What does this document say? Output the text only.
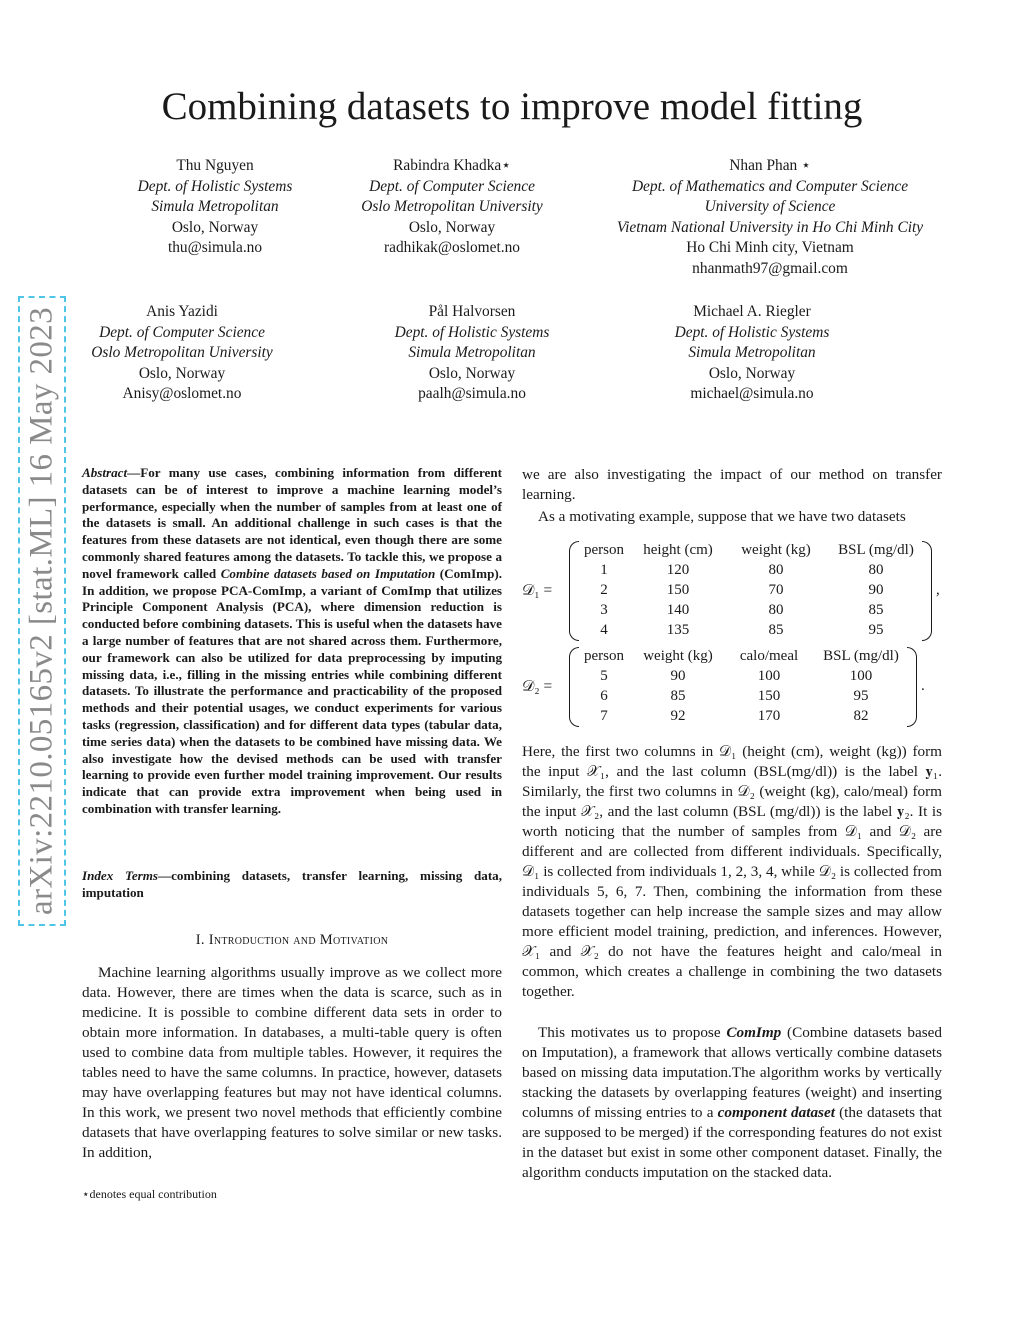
arXiv:2210.05165v2 [stat.ML] 16 May 2023
Combining datasets to improve model fitting
Thu Nguyen
Dept. of Holistic Systems
Simula Metropolitan
Oslo, Norway
thu@simula.no
Rabindra Khadka⋆
Dept. of Computer Science
Oslo Metropolitan University
Oslo, Norway
radhikak@oslomet.no
Nhan Phan ⋆
Dept. of Mathematics and Computer Science
University of Science
Vietnam National University in Ho Chi Minh City
Ho Chi Minh city, Vietnam
nhanmath97@gmail.com
Anis Yazidi
Dept. of Computer Science
Oslo Metropolitan University
Oslo, Norway
Anisy@oslomet.no
Pål Halvorsen
Dept. of Holistic Systems
Simula Metropolitan
Oslo, Norway
paalh@simula.no
Michael A. Riegler
Dept. of Holistic Systems
Simula Metropolitan
Oslo, Norway
michael@simula.no
Abstract—For many use cases, combining information from different datasets can be of interest to improve a machine learning model’s performance, especially when the number of samples from at least one of the datasets is small. An additional challenge in such cases is that the features from these datasets are not identical, even though there are some commonly shared features among the datasets. To tackle this, we propose a novel framework called Combine datasets based on Imputation (ComImp). In addition, we propose PCA-ComImp, a variant of ComImp that utilizes Principle Component Analysis (PCA), where dimension reduction is conducted before combining datasets. This is useful when the datasets have a large number of features that are not shared across them. Furthermore, our framework can also be utilized for data preprocessing by imputing missing data, i.e., filling in the missing entries while combining different datasets. To illustrate the performance and practicability of the proposed methods and their potential usages, we conduct experiments for various tasks (regression, classification) and for different data types (tabular data, time series data) when the datasets to be combined have missing data. We also investigate how the devised methods can be used with transfer learning to provide even further model training improvement. Our results indicate that can provide extra improvement when being used in combination with transfer learning.
Index Terms—combining datasets, transfer learning, missing data, imputation
I. Introduction and Motivation
Machine learning algorithms usually improve as we collect more data. However, there are times when the data is scarce, such as in medicine. It is possible to combine different data sets in order to obtain more information. In databases, a multi-table query is often used to combine data from multiple tables. However, it requires the tables need to have the same columns. In practice, however, datasets may have overlapping features but may not have identical columns. In this work, we present two novel methods that efficiently combine datasets that have overlapping features to solve similar or new tasks. In addition,
⋆denotes equal contribution

we are also investigating the impact of our method on transfer learning.

As a motivating example, suppose that we have two datasets

𝒟₁ =
person	height (cm)	weight (kg)	BSL (mg/dl)
1	120	80	80
2	150	70	90
3	140	80	85
4	135	85	95
,
𝒟₂ =
person	weight (kg)	calo/meal	BSL (mg/dl)
5	90	100	100
6	85	150	95
7	92	170	82
.
Here, the first two columns in 𝒟₁ (height (cm), weight (kg)) form the input 𝒳₁, and the last column (BSL(mg/dl)) is the label 𝐲₁. Similarly, the first two columns in 𝒟₂ (weight (kg), calo/meal) form the input 𝒳₂, and the last column (BSL (mg/dl)) is the label 𝐲₂. It is worth noticing that the number of samples from 𝒟₁ and 𝒟₂ are different and are collected from different individuals. Specifically, 𝒟₁ is collected from individuals 1, 2, 3, 4, while 𝒟₂ is collected from individuals 5, 6, 7. Then, combining the information from these datasets together can help increase the sample sizes and may allow more efficient model training, prediction, and inferences. However, 𝒳₁ and 𝒳₂ do not have the features height and calo/meal in common, which creates a challenge in combining the two datasets together.
This motivates us to propose ComImp (Combine datasets based on Imputation), a framework that allows vertically combine datasets based on missing data imputation.The algorithm works by vertically stacking the datasets by overlapping features (weight) and inserting columns of missing entries to a component dataset (the datasets that are supposed to be merged) if the corresponding features do not exist in the dataset but exist in some other component dataset. Finally, the algorithm conducts imputation on the stacked data.
